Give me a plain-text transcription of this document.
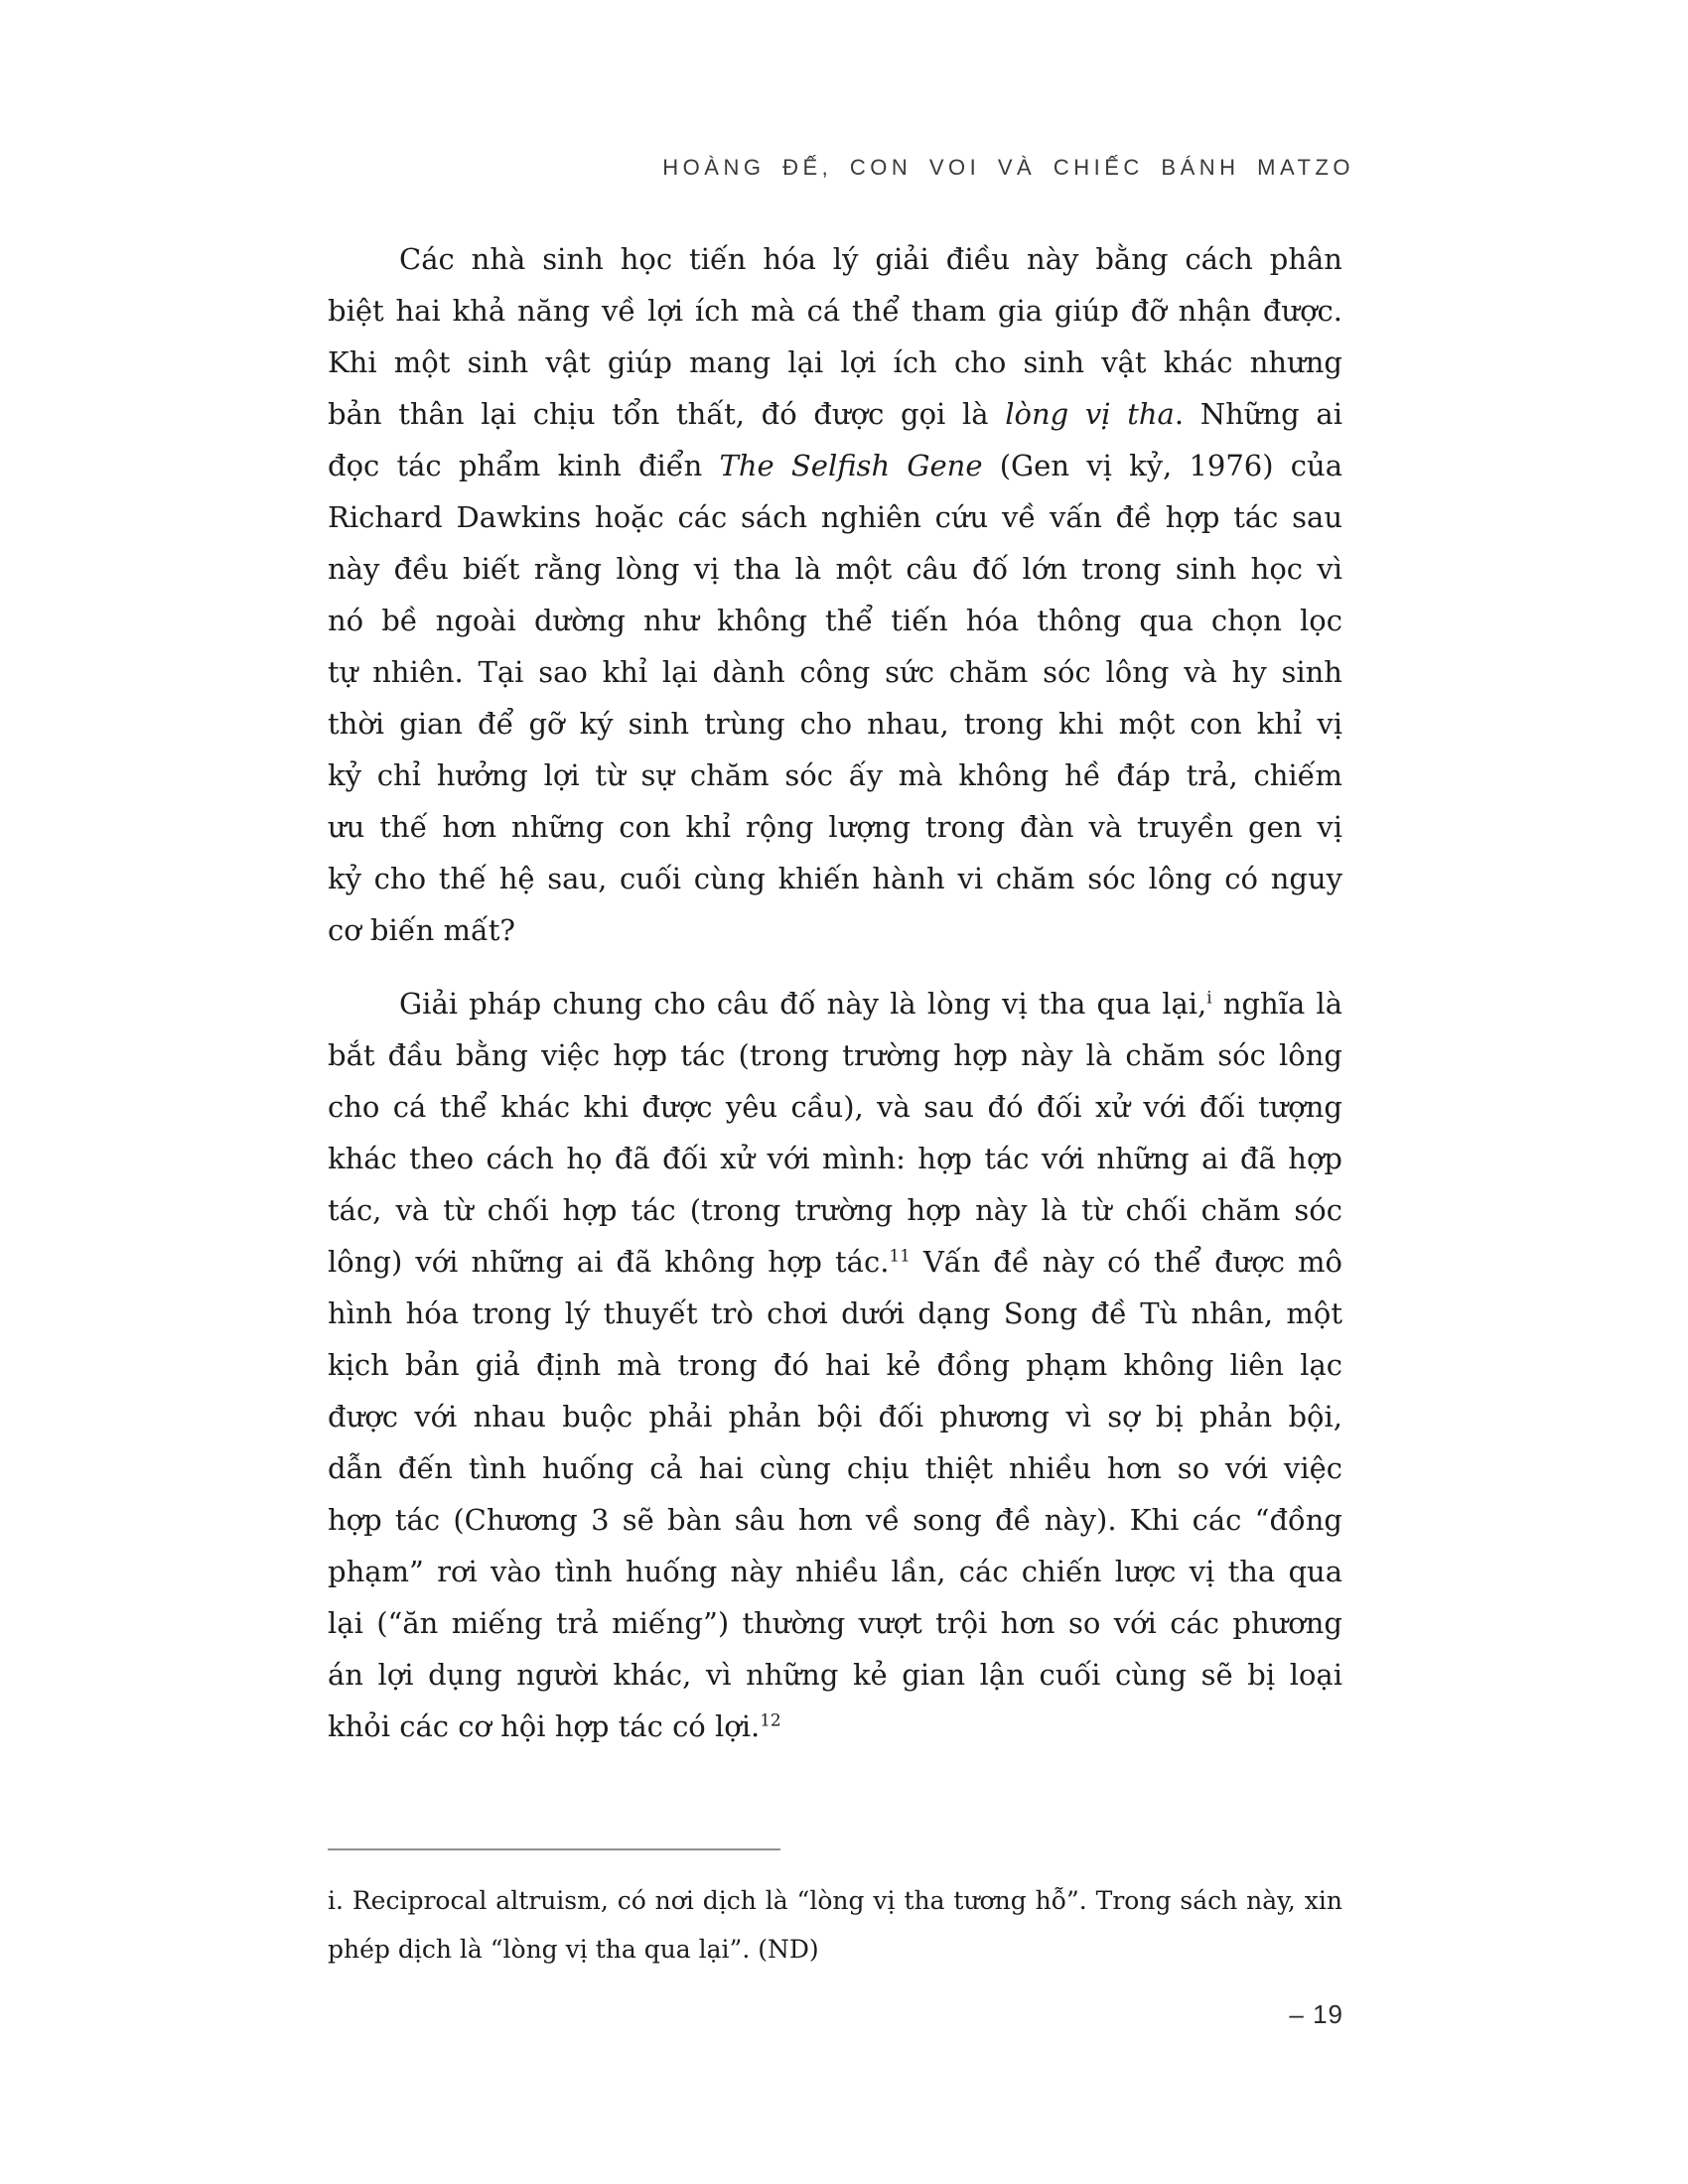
HOÀNG ĐẾ, CON VOI VÀ CHIẾC BÁNH MATZO
Các nhà sinh học tiến hóa lý giải điều này bằng cách phân
biệt hai khả năng về lợi ích mà cá thể tham gia giúp đỡ nhận được.
Khi một sinh vật giúp mang lại lợi ích cho sinh vật khác nhưng
bản thân lại chịu tổn thất, đó được gọi là lòng vị tha. Những ai
đọc tác phẩm kinh điển The Selfish Gene (Gen vị kỷ, 1976) của
Richard Dawkins hoặc các sách nghiên cứu về vấn đề hợp tác sau
này đều biết rằng lòng vị tha là một câu đố lớn trong sinh học vì
nó bề ngoài dường như không thể tiến hóa thông qua chọn lọc
tự nhiên. Tại sao khỉ lại dành công sức chăm sóc lông và hy sinh
thời gian để gỡ ký sinh trùng cho nhau, trong khi một con khỉ vị
kỷ chỉ hưởng lợi từ sự chăm sóc ấy mà không hề đáp trả, chiếm
ưu thế hơn những con khỉ rộng lượng trong đàn và truyền gen vị
kỷ cho thế hệ sau, cuối cùng khiến hành vi chăm sóc lông có nguy
cơ biến mất?
Giải pháp chung cho câu đố này là lòng vị tha qua lại,$^i$ nghĩa là
bắt đầu bằng việc hợp tác (trong trường hợp này là chăm sóc lông
cho cá thể khác khi được yêu cầu), và sau đó đối xử với đối tượng
khác theo cách họ đã đối xử với mình: hợp tác với những ai đã hợp
tác, và từ chối hợp tác (trong trường hợp này là từ chối chăm sóc
lông) với những ai đã không hợp tác.$^{11}$ Vấn đề này có thể được mô
hình hóa trong lý thuyết trò chơi dưới dạng Song đề Tù nhân, một
kịch bản giả định mà trong đó hai kẻ đồng phạm không liên lạc
được với nhau buộc phải phản bội đối phương vì sợ bị phản bội,
dẫn đến tình huống cả hai cùng chịu thiệt nhiều hơn so với việc
hợp tác (Chương 3 sẽ bàn sâu hơn về song đề này). Khi các “đồng
phạm” rơi vào tình huống này nhiều lần, các chiến lược vị tha qua
lại (“ăn miếng trả miếng”) thường vượt trội hơn so với các phương
án lợi dụng người khác, vì những kẻ gian lận cuối cùng sẽ bị loại
khỏi các cơ hội hợp tác có lợi.$^{12}$
i. Reciprocal altruism, có nơi dịch là “lòng vị tha tương hỗ”. Trong sách này, xin
phép dịch là “lòng vị tha qua lại”. (ND)
– 19
